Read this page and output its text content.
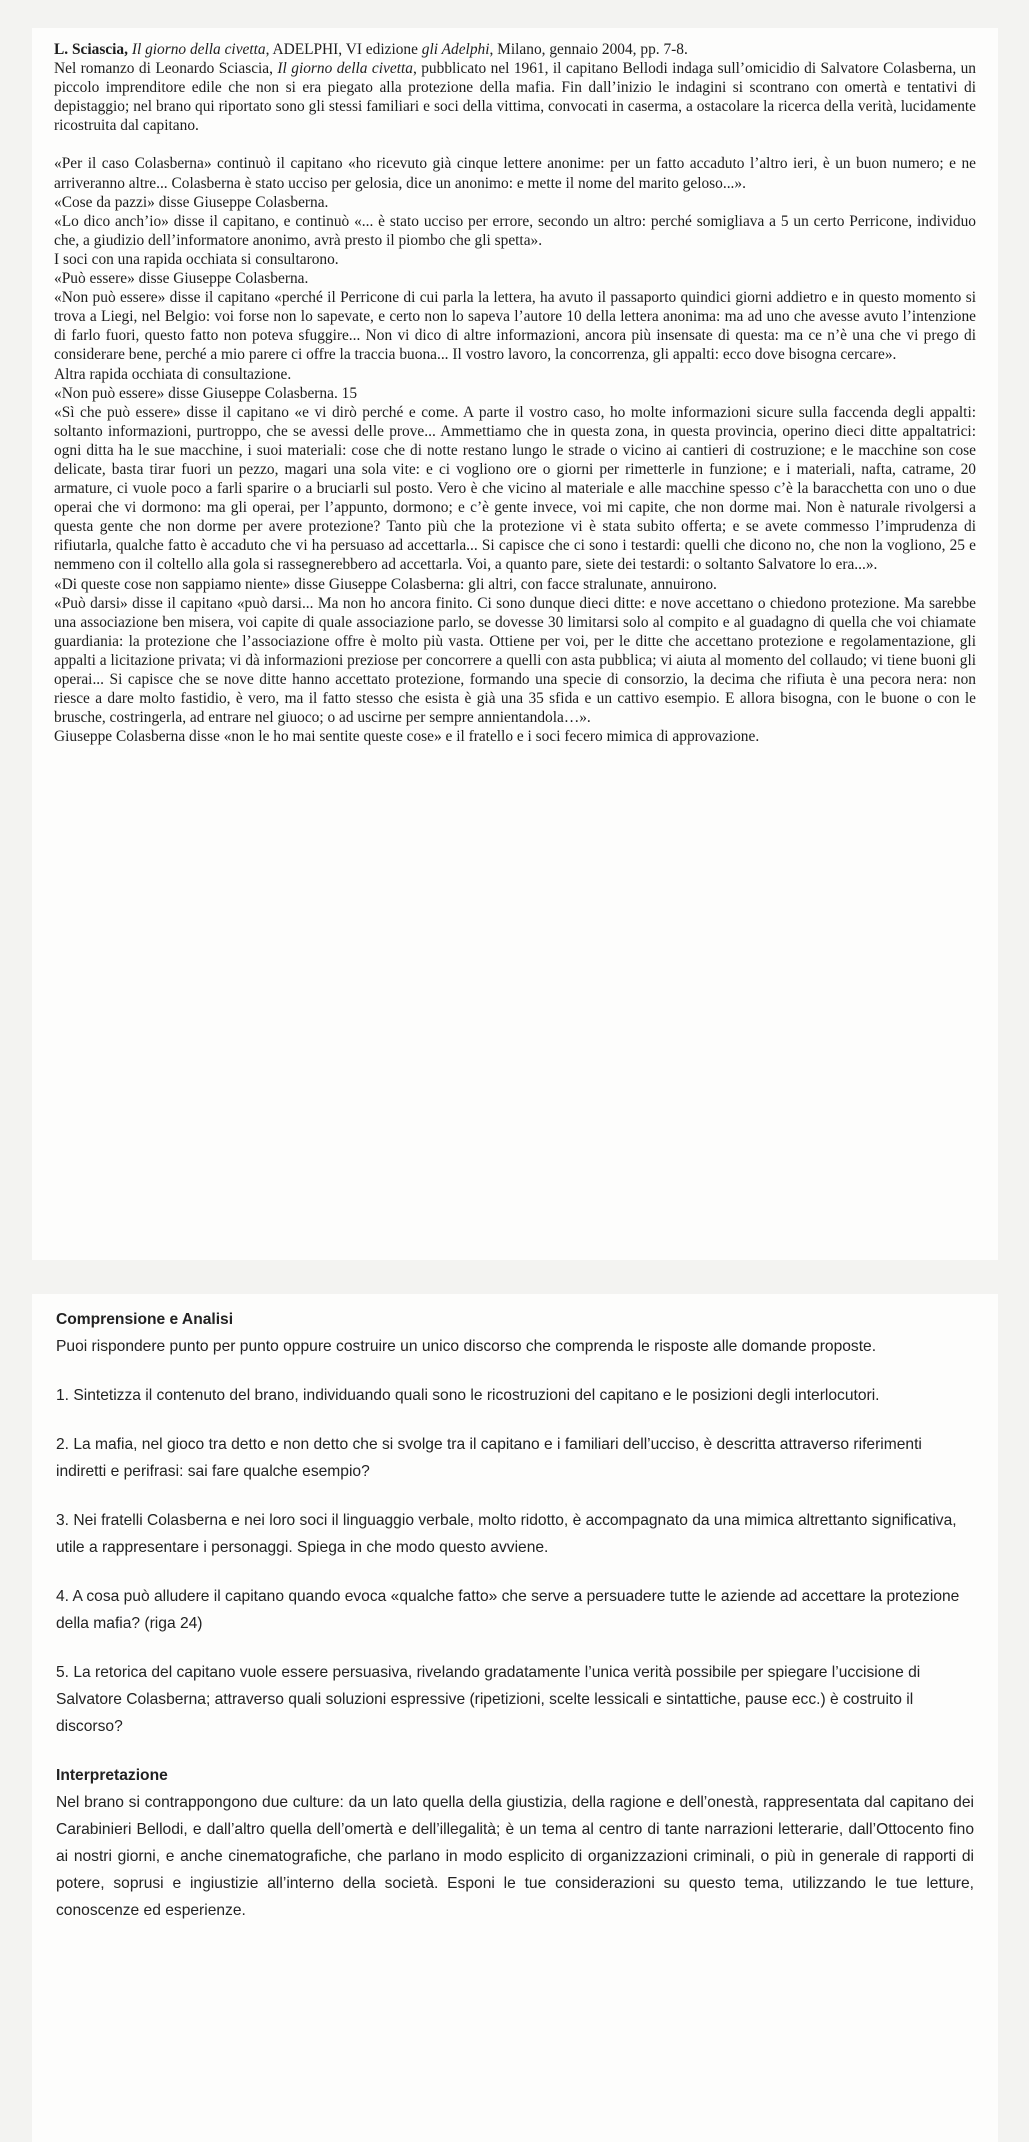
L. Sciascia, Il giorno della civetta, ADELPHI, VI edizione gli Adelphi, Milano, gennaio 2004, pp. 7-8.

Nel romanzo di Leonardo Sciascia, Il giorno della civetta, pubblicato nel 1961, il capitano Bellodi indaga sull’omicidio di Salvatore Colasberna, un piccolo imprenditore edile che non si era piegato alla protezione della mafia. Fin dall’inizio le indagini si scontrano con omertà e tentativi di depistaggio; nel brano qui riportato sono gli stessi familiari e soci della vittima, convocati in caserma, a ostacolare la ricerca della verità, lucidamente ricostruita dal capitano.

«Per il caso Colasberna» continuò il capitano «ho ricevuto già cinque lettere anonime: per un fatto accaduto l’altro ieri, è un buon numero; e ne arriveranno altre... Colasberna è stato ucciso per gelosia, dice un anonimo: e mette il nome del marito geloso...».

«Cose da pazzi» disse Giuseppe Colasberna.

«Lo dico anch’io» disse il capitano, e continuò «... è stato ucciso per errore, secondo un altro: perché somigliava a 5 un certo Perricone, individuo che, a giudizio dell’informatore anonimo, avrà presto il piombo che gli spetta».

I soci con una rapida occhiata si consultarono.

«Può essere» disse Giuseppe Colasberna.

«Non può essere» disse il capitano «perché il Perricone di cui parla la lettera, ha avuto il passaporto quindici giorni addietro e in questo momento si trova a Liegi, nel Belgio: voi forse non lo sapevate, e certo non lo sapeva l’autore 10 della lettera anonima: ma ad uno che avesse avuto l’intenzione di farlo fuori, questo fatto non poteva sfuggire... Non vi dico di altre informazioni, ancora più insensate di questa: ma ce n’è una che vi prego di considerare bene, perché a mio parere ci offre la traccia buona... Il vostro lavoro, la concorrenza, gli appalti: ecco dove bisogna cercare».

Altra rapida occhiata di consultazione.

«Non può essere» disse Giuseppe Colasberna. 15

«Sì che può essere» disse il capitano «e vi dirò perché e come. A parte il vostro caso, ho molte informazioni sicure sulla faccenda degli appalti: soltanto informazioni, purtroppo, che se avessi delle prove... Ammettiamo che in questa zona, in questa provincia, operino dieci ditte appaltatrici: ogni ditta ha le sue macchine, i suoi materiali: cose che di notte restano lungo le strade o vicino ai cantieri di costruzione; e le macchine son cose delicate, basta tirar fuori un pezzo, magari una sola vite: e ci vogliono ore o giorni per rimetterle in funzione; e i materiali, nafta, catrame, 20 armature, ci vuole poco a farli sparire o a bruciarli sul posto. Vero è che vicino al materiale e alle macchine spesso c’è la baracchetta con uno o due operai che vi dormono: ma gli operai, per l’appunto, dormono; e c’è gente invece, voi mi capite, che non dorme mai. Non è naturale rivolgersi a questa gente che non dorme per avere protezione? Tanto più che la protezione vi è stata subito offerta; e se avete commesso l’imprudenza di rifiutarla, qualche fatto è accaduto che vi ha persuaso ad accettarla... Si capisce che ci sono i testardi: quelli che dicono no, che non la vogliono, 25 e nemmeno con il coltello alla gola si rassegnerebbero ad accettarla. Voi, a quanto pare, siete dei testardi: o soltanto Salvatore lo era...».

«Di queste cose non sappiamo niente» disse Giuseppe Colasberna: gli altri, con facce stralunate, annuirono.

«Può darsi» disse il capitano «può darsi... Ma non ho ancora finito. Ci sono dunque dieci ditte: e nove accettano o chiedono protezione. Ma sarebbe una associazione ben misera, voi capite di quale associazione parlo, se dovesse 30 limitarsi solo al compito e al guadagno di quella che voi chiamate guardiania: la protezione che l’associazione offre è molto più vasta. Ottiene per voi, per le ditte che accettano protezione e regolamentazione, gli appalti a licitazione privata; vi dà informazioni preziose per concorrere a quelli con asta pubblica; vi aiuta al momento del collaudo; vi tiene buoni gli operai... Si capisce che se nove ditte hanno accettato protezione, formando una specie di consorzio, la decima che rifiuta è una pecora nera: non riesce a dare molto fastidio, è vero, ma il fatto stesso che esista è già una 35 sfida e un cattivo esempio. E allora bisogna, con le buone o con le brusche, costringerla, ad entrare nel giuoco; o ad uscirne per sempre annientandola…».

Giuseppe Colasberna disse «non le ho mai sentite queste cose» e il fratello e i soci fecero mimica di approvazione.

Comprensione e Analisi

Puoi rispondere punto per punto oppure costruire un unico discorso che comprenda le risposte alle domande proposte.

1. Sintetizza il contenuto del brano, individuando quali sono le ricostruzioni del capitano e le posizioni degli interlocutori.

2. La mafia, nel gioco tra detto e non detto che si svolge tra il capitano e i familiari dell’ucciso, è descritta attraverso riferimenti indiretti e perifrasi: sai fare qualche esempio?

3. Nei fratelli Colasberna e nei loro soci il linguaggio verbale, molto ridotto, è accompagnato da una mimica altrettanto significativa, utile a rappresentare i personaggi. Spiega in che modo questo avviene.

4. A cosa può alludere il capitano quando evoca «qualche fatto» che serve a persuadere tutte le aziende ad accettare la protezione della mafia? (riga 24)

5. La retorica del capitano vuole essere persuasiva, rivelando gradatamente l’unica verità possibile per spiegare l’uccisione di Salvatore Colasberna; attraverso quali soluzioni espressive (ripetizioni, scelte lessicali e sintattiche, pause ecc.) è costruito il discorso?

Interpretazione

Nel brano si contrappongono due culture: da un lato quella della giustizia, della ragione e dell’onestà, rappresentata dal capitano dei Carabinieri Bellodi, e dall’altro quella dell’omertà e dell’illegalità; è un tema al centro di tante narrazioni letterarie, dall’Ottocento fino ai nostri giorni, e anche cinematografiche, che parlano in modo esplicito di organizzazioni criminali, o più in generale di rapporti di potere, soprusi e ingiustizie all’interno della società. Esponi le tue considerazioni su questo tema, utilizzando le tue letture, conoscenze ed esperienze.
